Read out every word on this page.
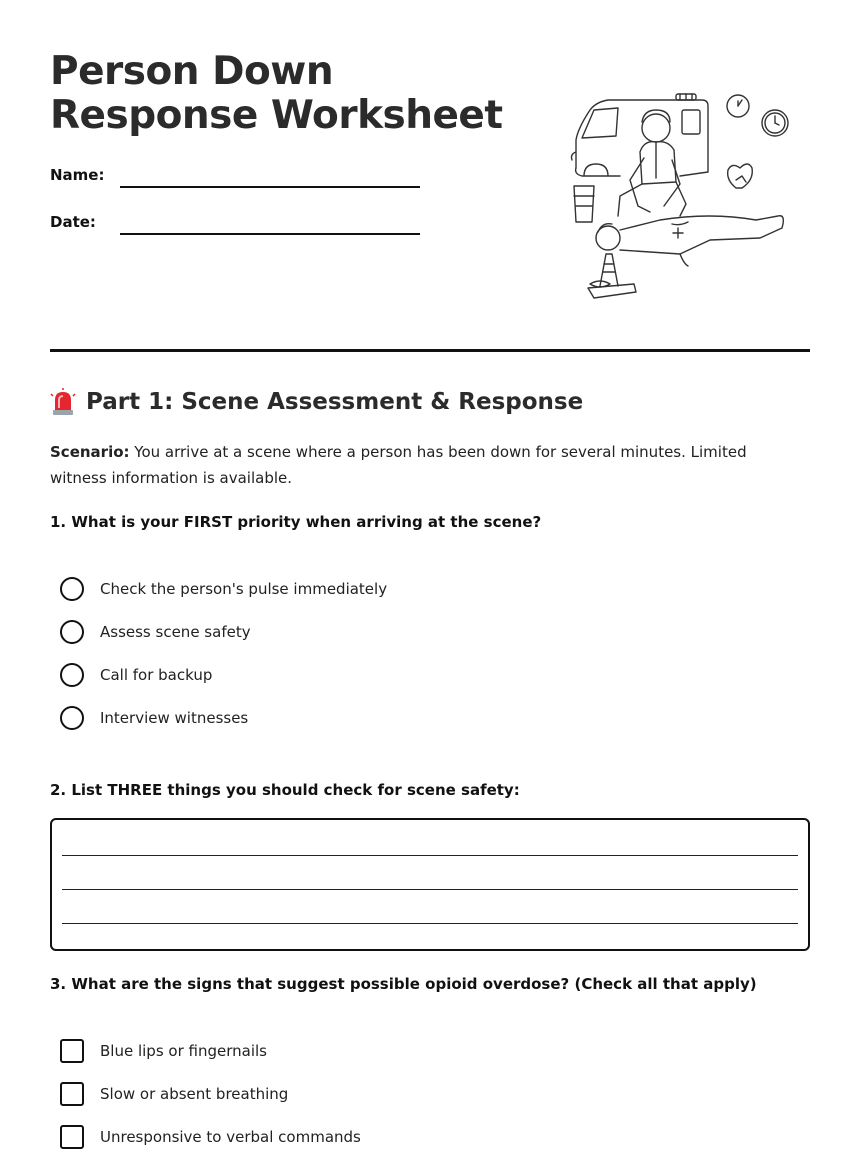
Person Down Response Worksheet
Name:
Date:
Part 1: Scene Assessment & Response
Scenario: You arrive at a scene where a person has been down for several minutes. Limited witness information is available.
1. What is your FIRST priority when arriving at the scene?
Check the person's pulse immediately
Assess scene safety
Call for backup
Interview witnesses
2. List THREE things you should check for scene safety:
3. What are the signs that suggest possible opioid overdose? (Check all that apply)
Blue lips or fingernails
Slow or absent breathing
Unresponsive to verbal commands
